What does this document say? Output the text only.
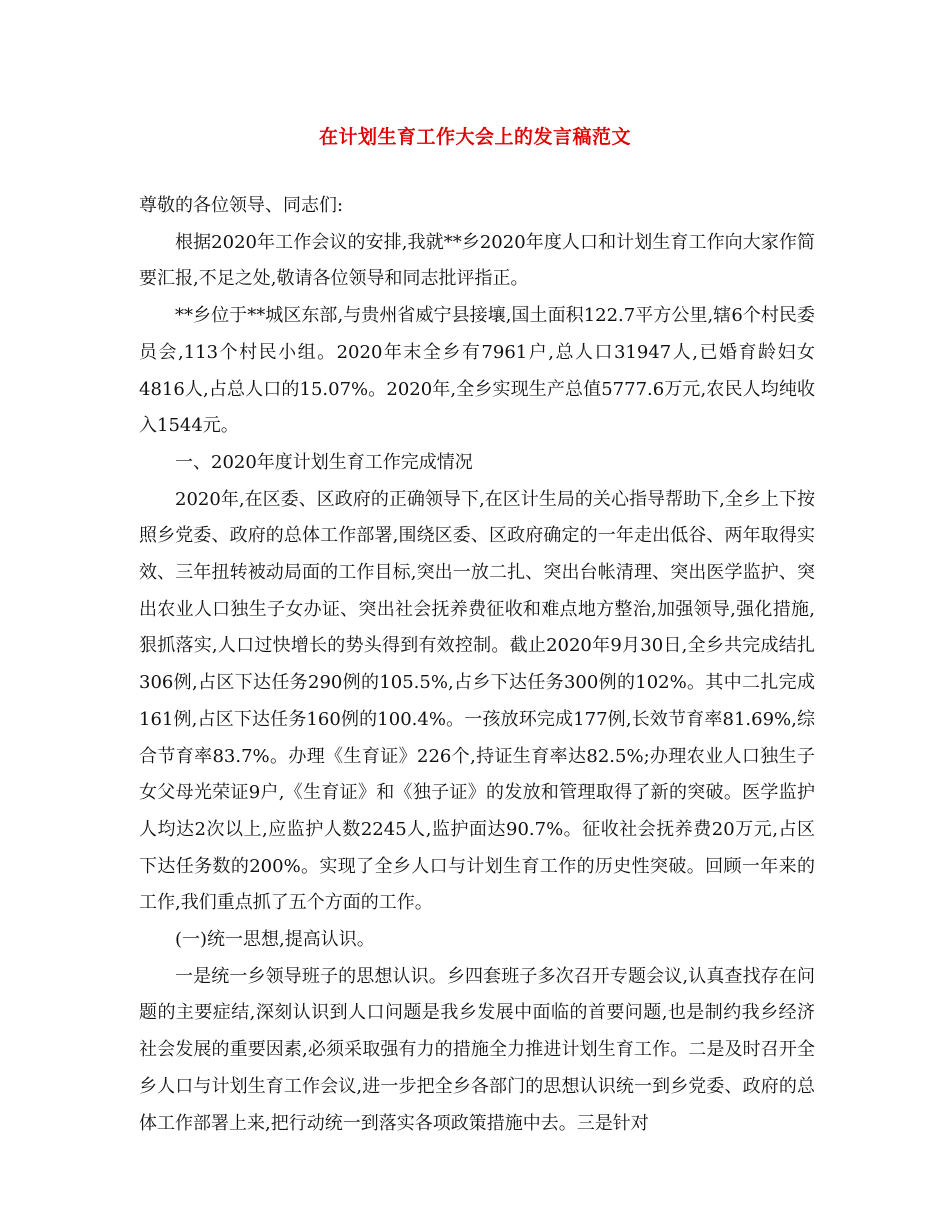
在计划生育工作大会上的发言稿范文

尊敬的各位领导、同志们:

根据2020年工作会议的安排,我就**乡2020年度人口和计划生育工作向大家作简要汇报,不足之处,敬请各位领导和同志批评指正。

**乡位于**城区东部,与贵州省威宁县接壤,国土面积122.7平方公里,辖6个村民委员会,113个村民小组。2020年末全乡有7961户,总人口31947人,已婚育龄妇女4816人,占总人口的15.07%。2020年,全乡实现生产总值5777.6万元,农民人均纯收入1544元。

一、2020年度计划生育工作完成情况

2020年,在区委、区政府的正确领导下,在区计生局的关心指导帮助下,全乡上下按照乡党委、政府的总体工作部署,围绕区委、区政府确定的一年走出低谷、两年取得实效、三年扭转被动局面的工作目标,突出一放二扎、突出台帐清理、突出医学监护、突出农业人口独生子女办证、突出社会抚养费征收和难点地方整治,加强领导,强化措施,狠抓落实,人口过快增长的势头得到有效控制。截止2020年9月30日,全乡共完成结扎306例,占区下达任务290例的105.5%,占乡下达任务300例的102%。其中二扎完成161例,占区下达任务160例的100.4%。一孩放环完成177例,长效节育率81.69%,综合节育率83.7%。办理《生育证》226个,持证生育率达82.5%;办理农业人口独生子女父母光荣证9户,《生育证》和《独子证》的发放和管理取得了新的突破。医学监护人均达2次以上,应监护人数2245人,监护面达90.7%。征收社会抚养费20万元,占区下达任务数的200%。实现了全乡人口与计划生育工作的历史性突破。回顾一年来的工作,我们重点抓了五个方面的工作。

(一)统一思想,提高认识。

一是统一乡领导班子的思想认识。乡四套班子多次召开专题会议,认真查找存在问题的主要症结,深刻认识到人口问题是我乡发展中面临的首要问题,也是制约我乡经济社会发展的重要因素,必须采取强有力的措施全力推进计划生育工作。二是及时召开全乡人口与计划生育工作会议,进一步把全乡各部门的思想认识统一到乡党委、政府的总体工作部署上来,把行动统一到落实各项政策措施中去。三是针对
